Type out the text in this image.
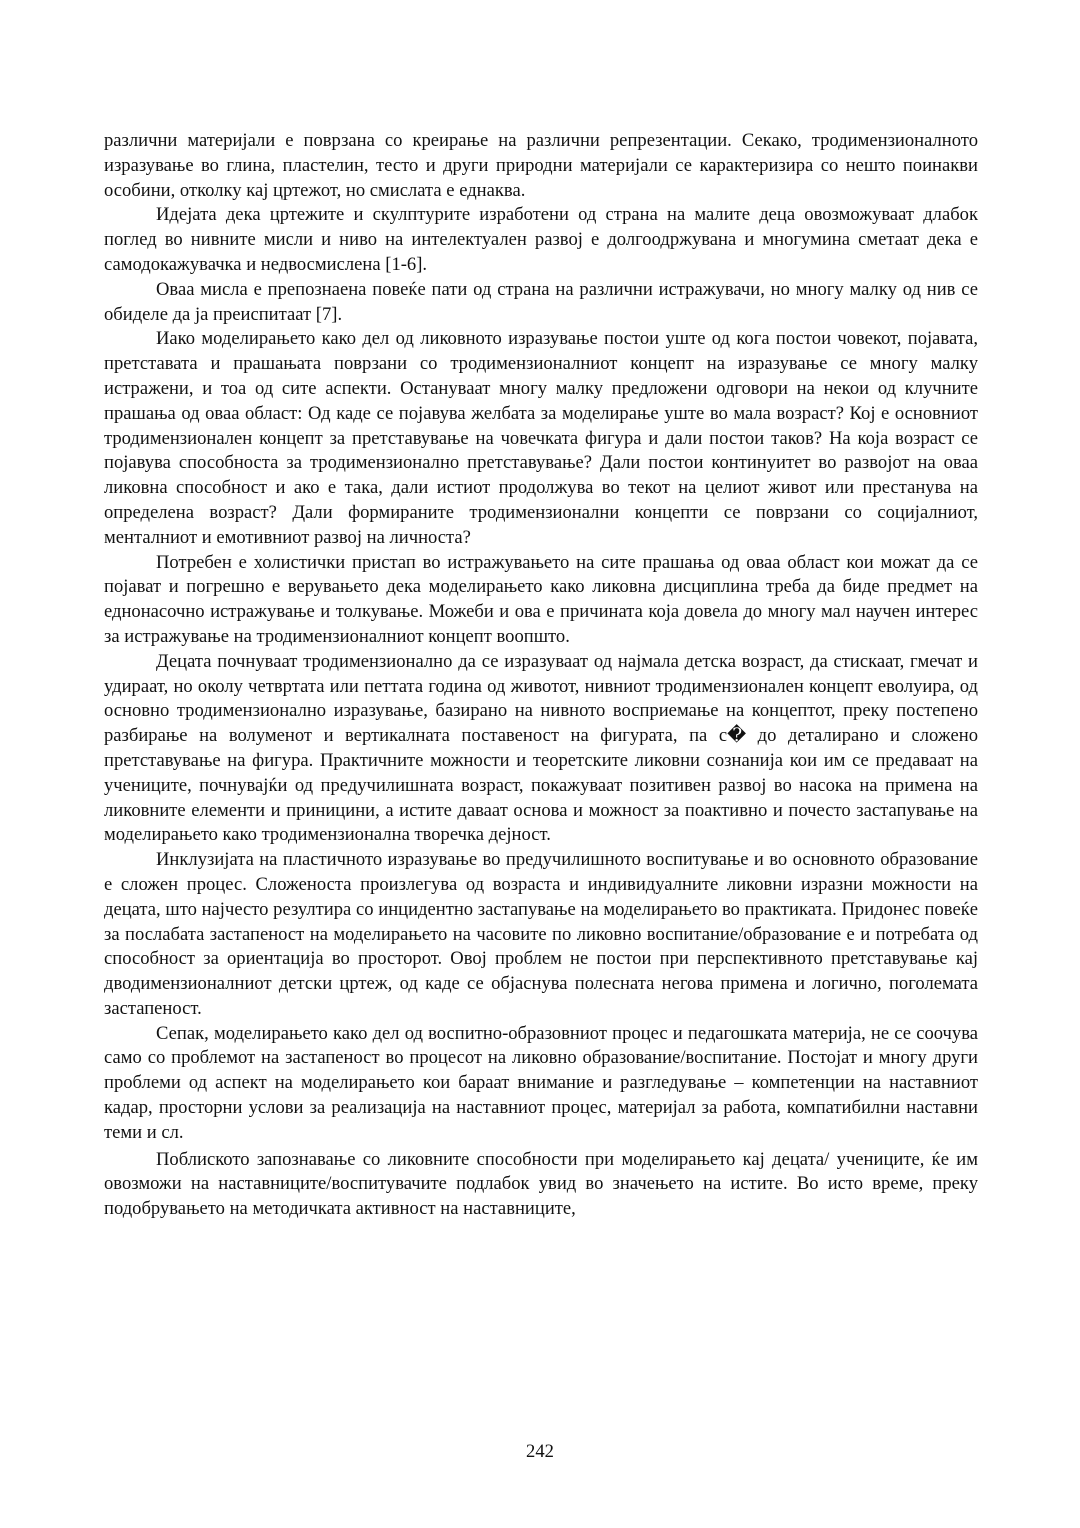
различни материјали е поврзана со креирање на различни репрезентации. Секако, тродимензионалното изразување во глина, пластелин, тесто и други природни материјали се карактеризира со нешто поинакви особини, отколку кај цртежот, но смислата е еднаква.

Идејата дека цртежите и скулптурите изработени од страна на малите деца овозможуваат длабок поглед во нивните мисли и ниво на интелектуален развој е долгоодржувана и многумина сметаат дека е самодокажувачка и недвосмислена [1-6].

Оваа мисла е препознаена повеќе пати од страна на различни истражувачи, но многу малку од нив се обиделе да ја преиспитаат [7].

Иако моделирањето како дел од ликовното изразување постои уште од кога постои човекот, појавата, претставата и прашањата поврзани со тродимензионалниот концепт на изразување се многу малку истражени, и тоа од сите аспекти. Остануваат многу малку предложени одговори на некои од клучните прашања од оваа област: Од каде се појавува желбата за моделирање уште во мала возраст? Кој е основниот тродимензионален концепт за претставување на човечката фигура и дали постои таков? На која возраст се појавува способноста за тродимензионално претставување? Дали постои континуитет во развојот на оваа ликовна способност и ако е така, дали истиот продолжува во текот на целиот живот или престанува на определена возраст? Дали формираните тродимензионални концепти се поврзани со социјалниот, менталниот и емотивниот развој на личноста?

Потребен е холистички пристап во истражувањето на сите прашања од оваа област кои можат да се појават и погрешно е верувањето дека моделирањето како ликовна дисциплина треба да биде предмет на еднонасочно истражување и толкување. Можеби и ова е причината која довела до многу мал научен интерес за истражување на тродимензионалниот концепт воопшто.

Децата почнуваат тродимензионално да се изразуваат од најмала детска возраст, да стискаат, гмечат и удираат, но околу четвртата или петтата година од животот, нивниот тродимензионален концепт еволуира, од основно тродимензионално изразување, базирано на нивното восприемање на концептот, преку постепено разбирање на волуменот и вертикалната поставеност на фигурата, па с� до деталирано и сложено претставување на фигура. Практичните можности и теоретските ликовни сознанија кои им се предаваат на учениците, почнувајќи од предучилишната возраст, покажуваат позитивен развој во насока на примена на ликовните елементи и приницини, а истите даваат основа и можност за поактивно и почесто застапување на моделирањето како тродимензионална творечка дејност.

Инклузијата на пластичното изразување во предучилишното воспитување и во основното образование е сложен процес. Сложеноста произлегува од возраста и индивидуалните ликовни изразни можности на децата, што најчесто резултира со инцидентно застапување на моделирањето во практиката. Придонес повеќе за послабата застапеност на моделирањето на часовите по ликовно воспитание/образование е и потребата од способност за ориентација во просторот. Овој проблем не постои при перспективното претставување кај дводимензионалниот детски цртеж, од каде се објаснува полесната негова примена и логично, поголемата застапеност.

Сепак, моделирањето како дел од воспитно-образовниот процес и педагошката материја, не се соочува само со проблемот на застапеност во процесот на ликовно образование/воспитание. Постојат и многу други проблеми од аспект на моделирањето кои бараат внимание и разгледување – компетенции на наставниот кадар, просторни услови за реализација на наставниот процес, материјал за работа, компатибилни наставни теми и сл.

Поблиското запознавање со ликовните способности при моделирањето кај децата/ учениците, ќе им овозможи на наставниците/воспитувачите подлабок увид во значењето на истите. Во исто време, преку подобрувањето на методичката активност на наставниците,

242
